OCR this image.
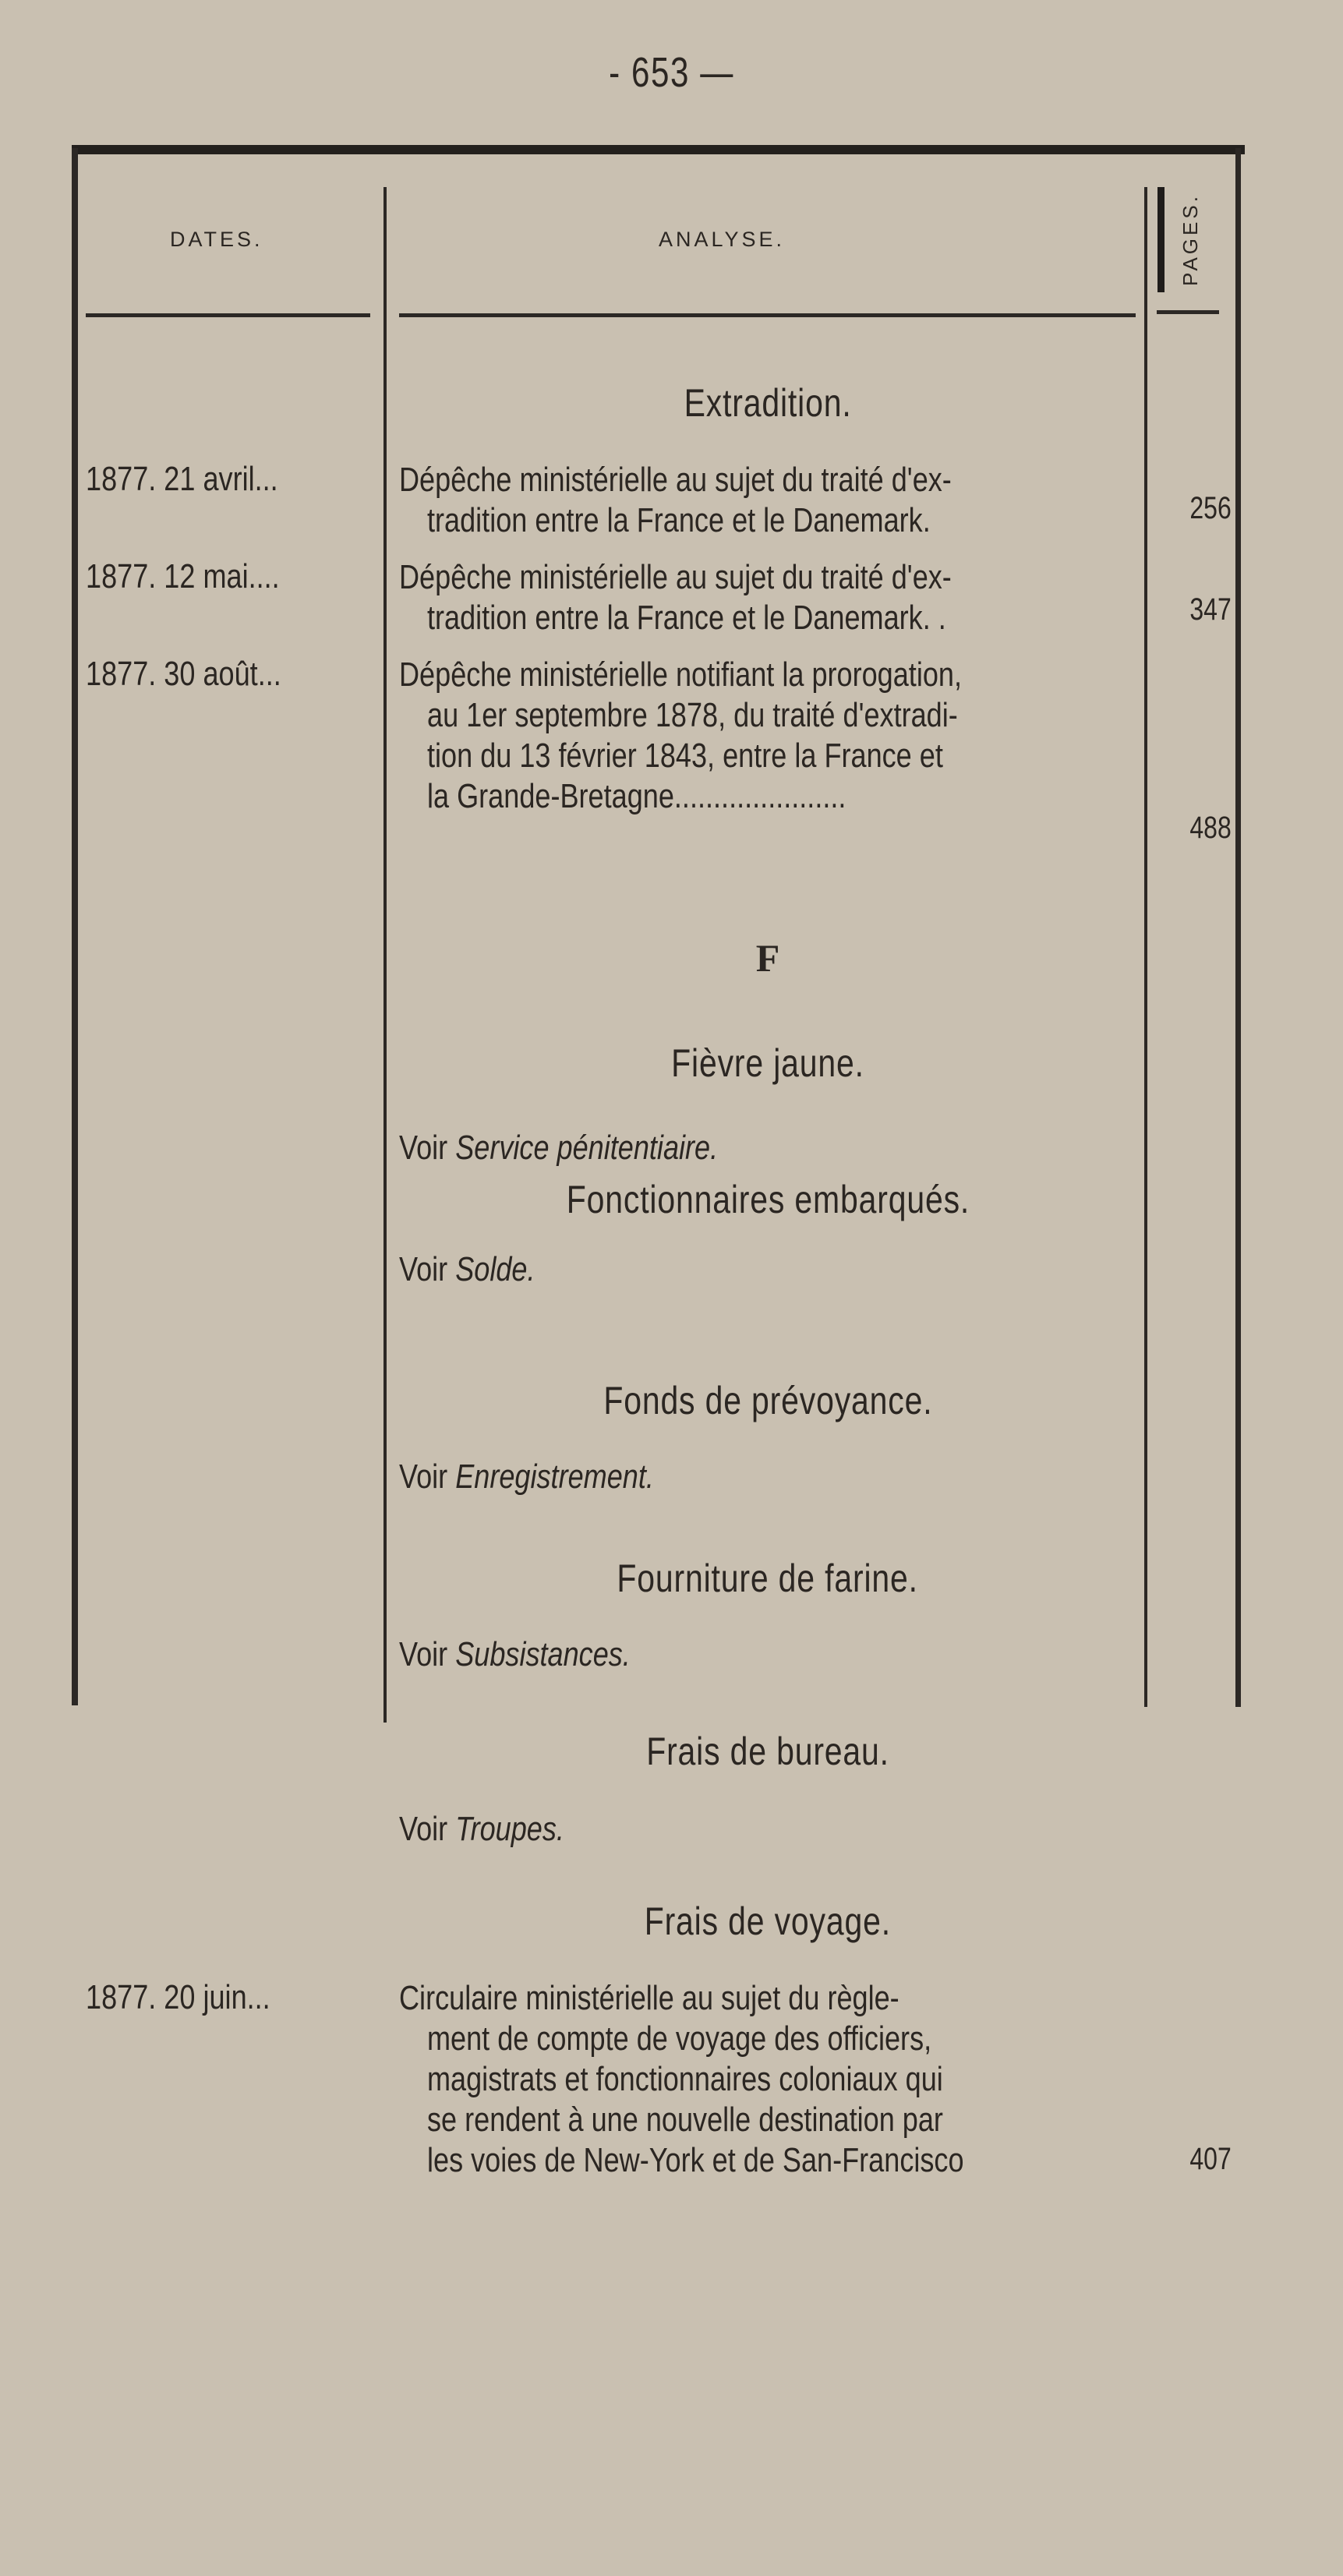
- 653 —
DATES.	ANALYSE.	PAGES.
Extradition.
1877. 21 avril...	Dépêche ministérielle au sujet du traité d'ex-
tradition entre la France et le Danemark.	256
1877. 12 mai....	Dépêche ministérielle au sujet du traité d'ex-
tradition entre la France et le Danemark. .	347
1877. 30 août...	Dépêche ministérielle notifiant la prorogation,
au 1er septembre 1878, du traité d'extradi-
tion du 13 février 1843, entre la France et
la Grande-Bretagne......................
488
F
Fièvre jaune.
Voir Service pénitentiaire.
Fonctionnaires embarqués.
Voir Solde.
Fonds de prévoyance.
Voir Enregistrement.
Fourniture de farine.
Voir Subsistances.
Frais de bureau.
Voir Troupes.
Frais de voyage.
1877. 20 juin...	Circulaire ministérielle au sujet du règle-
ment de compte de voyage des officiers,
magistrats et fonctionnaires coloniaux qui
se rendent à une nouvelle destination par
les voies de New-York et de San-Francisco	407
